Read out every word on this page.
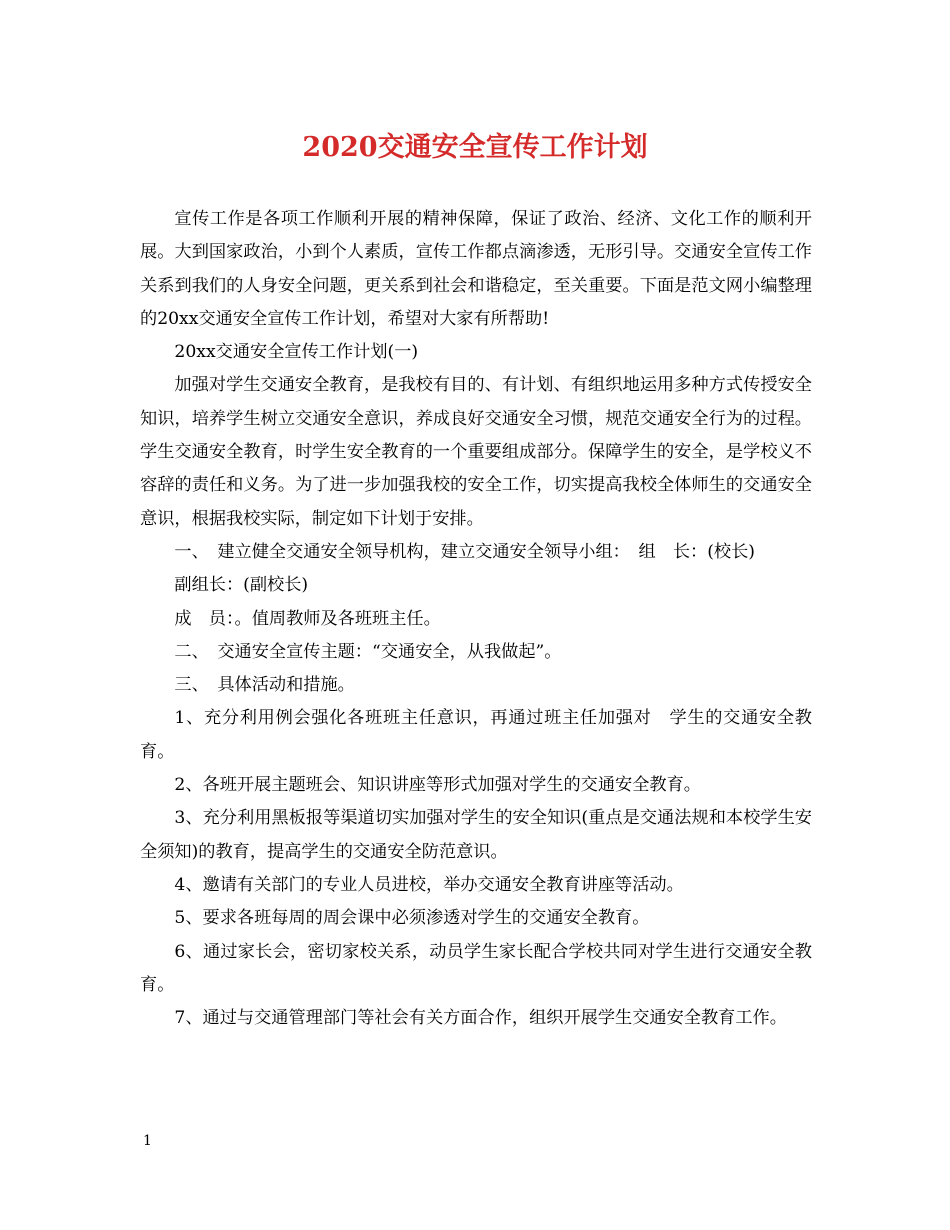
2020交通安全宣传工作计划

宣传工作是各项工作顺利开展的精神保障，保证了政治、经济、文化工作的顺利开展。大到国家政治，小到个人素质，宣传工作都点滴渗透，无形引导。交通安全宣传工作关系到我们的人身安全问题，更关系到社会和谐稳定，至关重要。下面是范文网小编整理的20xx交通安全宣传工作计划，希望对大家有所帮助!

20xx交通安全宣传工作计划(一)

加强对学生交通安全教育，是我校有目的、有计划、有组织地运用多种方式传授安全知识，培养学生树立交通安全意识，养成良好交通安全习惯，规范交通安全行为的过程。学生交通安全教育，时学生安全教育的一个重要组成部分。保障学生的安全，是学校义不容辞的责任和义务。为了进一步加强我校的安全工作，切实提高我校全体师生的交通安全意识，根据我校实际，制定如下计划于安排。

一、　建立健全交通安全领导机构，建立交通安全领导小组：　组　长：(校长)

副组长：(副校长)

成　员：。值周教师及各班班主任。

二、　交通安全宣传主题：“交通安全，从我做起”。

三、　具体活动和措施。

1、充分利用例会强化各班班主任意识，再通过班主任加强对　学生的交通安全教育。

2、各班开展主题班会、知识讲座等形式加强对学生的交通安全教育。

3、充分利用黑板报等渠道切实加强对学生的安全知识(重点是交通法规和本校学生安全须知)的教育，提高学生的交通安全防范意识。

4、邀请有关部门的专业人员进校，举办交通安全教育讲座等活动。

5、要求各班每周的周会课中必须渗透对学生的交通安全教育。

6、通过家长会，密切家校关系，动员学生家长配合学校共同对学生进行交通安全教育。

7、通过与交通管理部门等社会有关方面合作，组织开展学生交通安全教育工作。

1
